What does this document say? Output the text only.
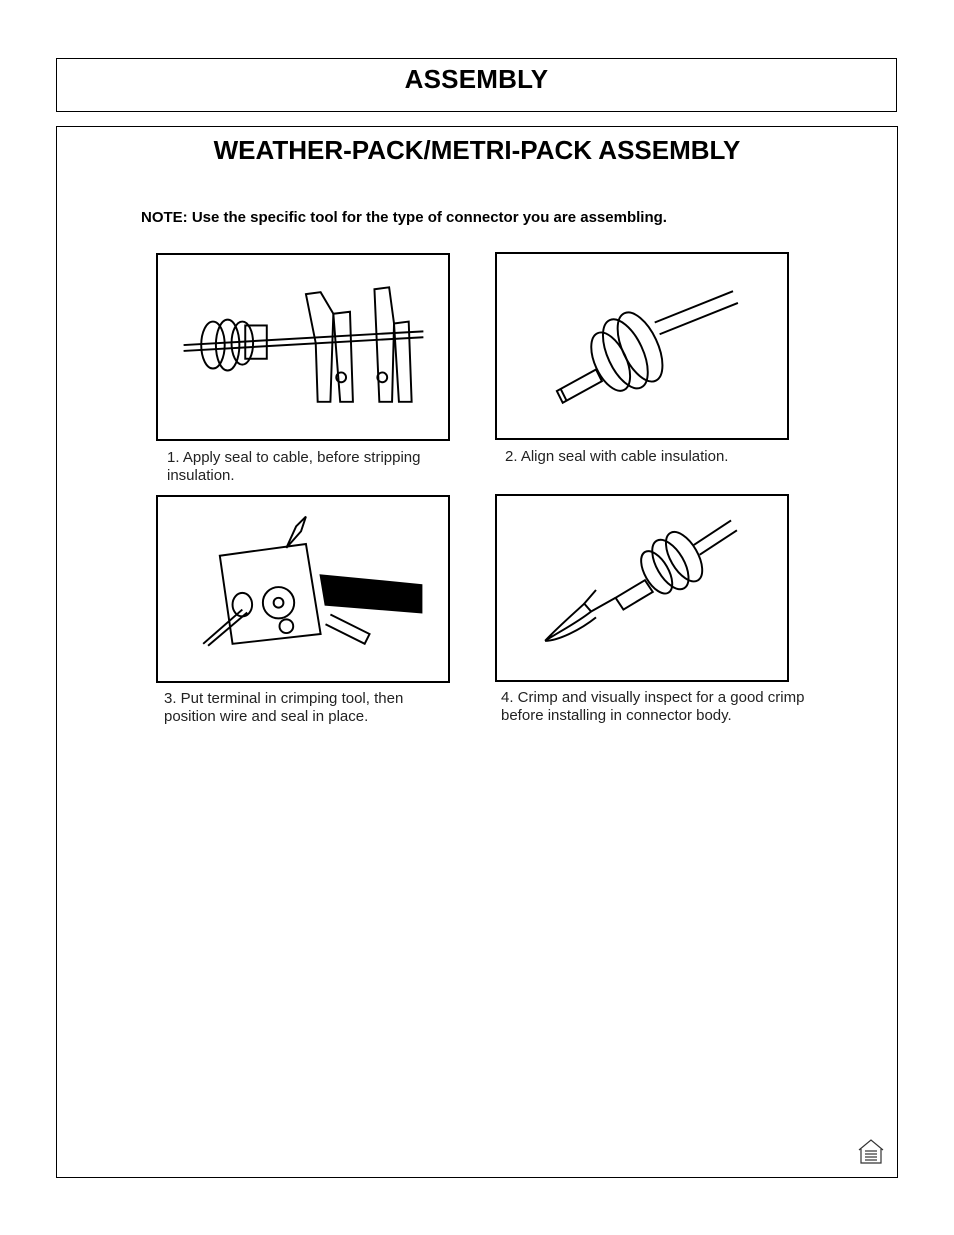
ASSEMBLY
WEATHER-PACK/METRI-PACK ASSEMBLY

NOTE: Use the specific tool for the type of connector you are assembling.

1. Apply seal to cable, before stripping insulation.

2. Align seal with cable insulation.

3. Put terminal in crimping tool, then position wire and seal in place.

4. Crimp and visually inspect for a good crimp before installing in connector body.
